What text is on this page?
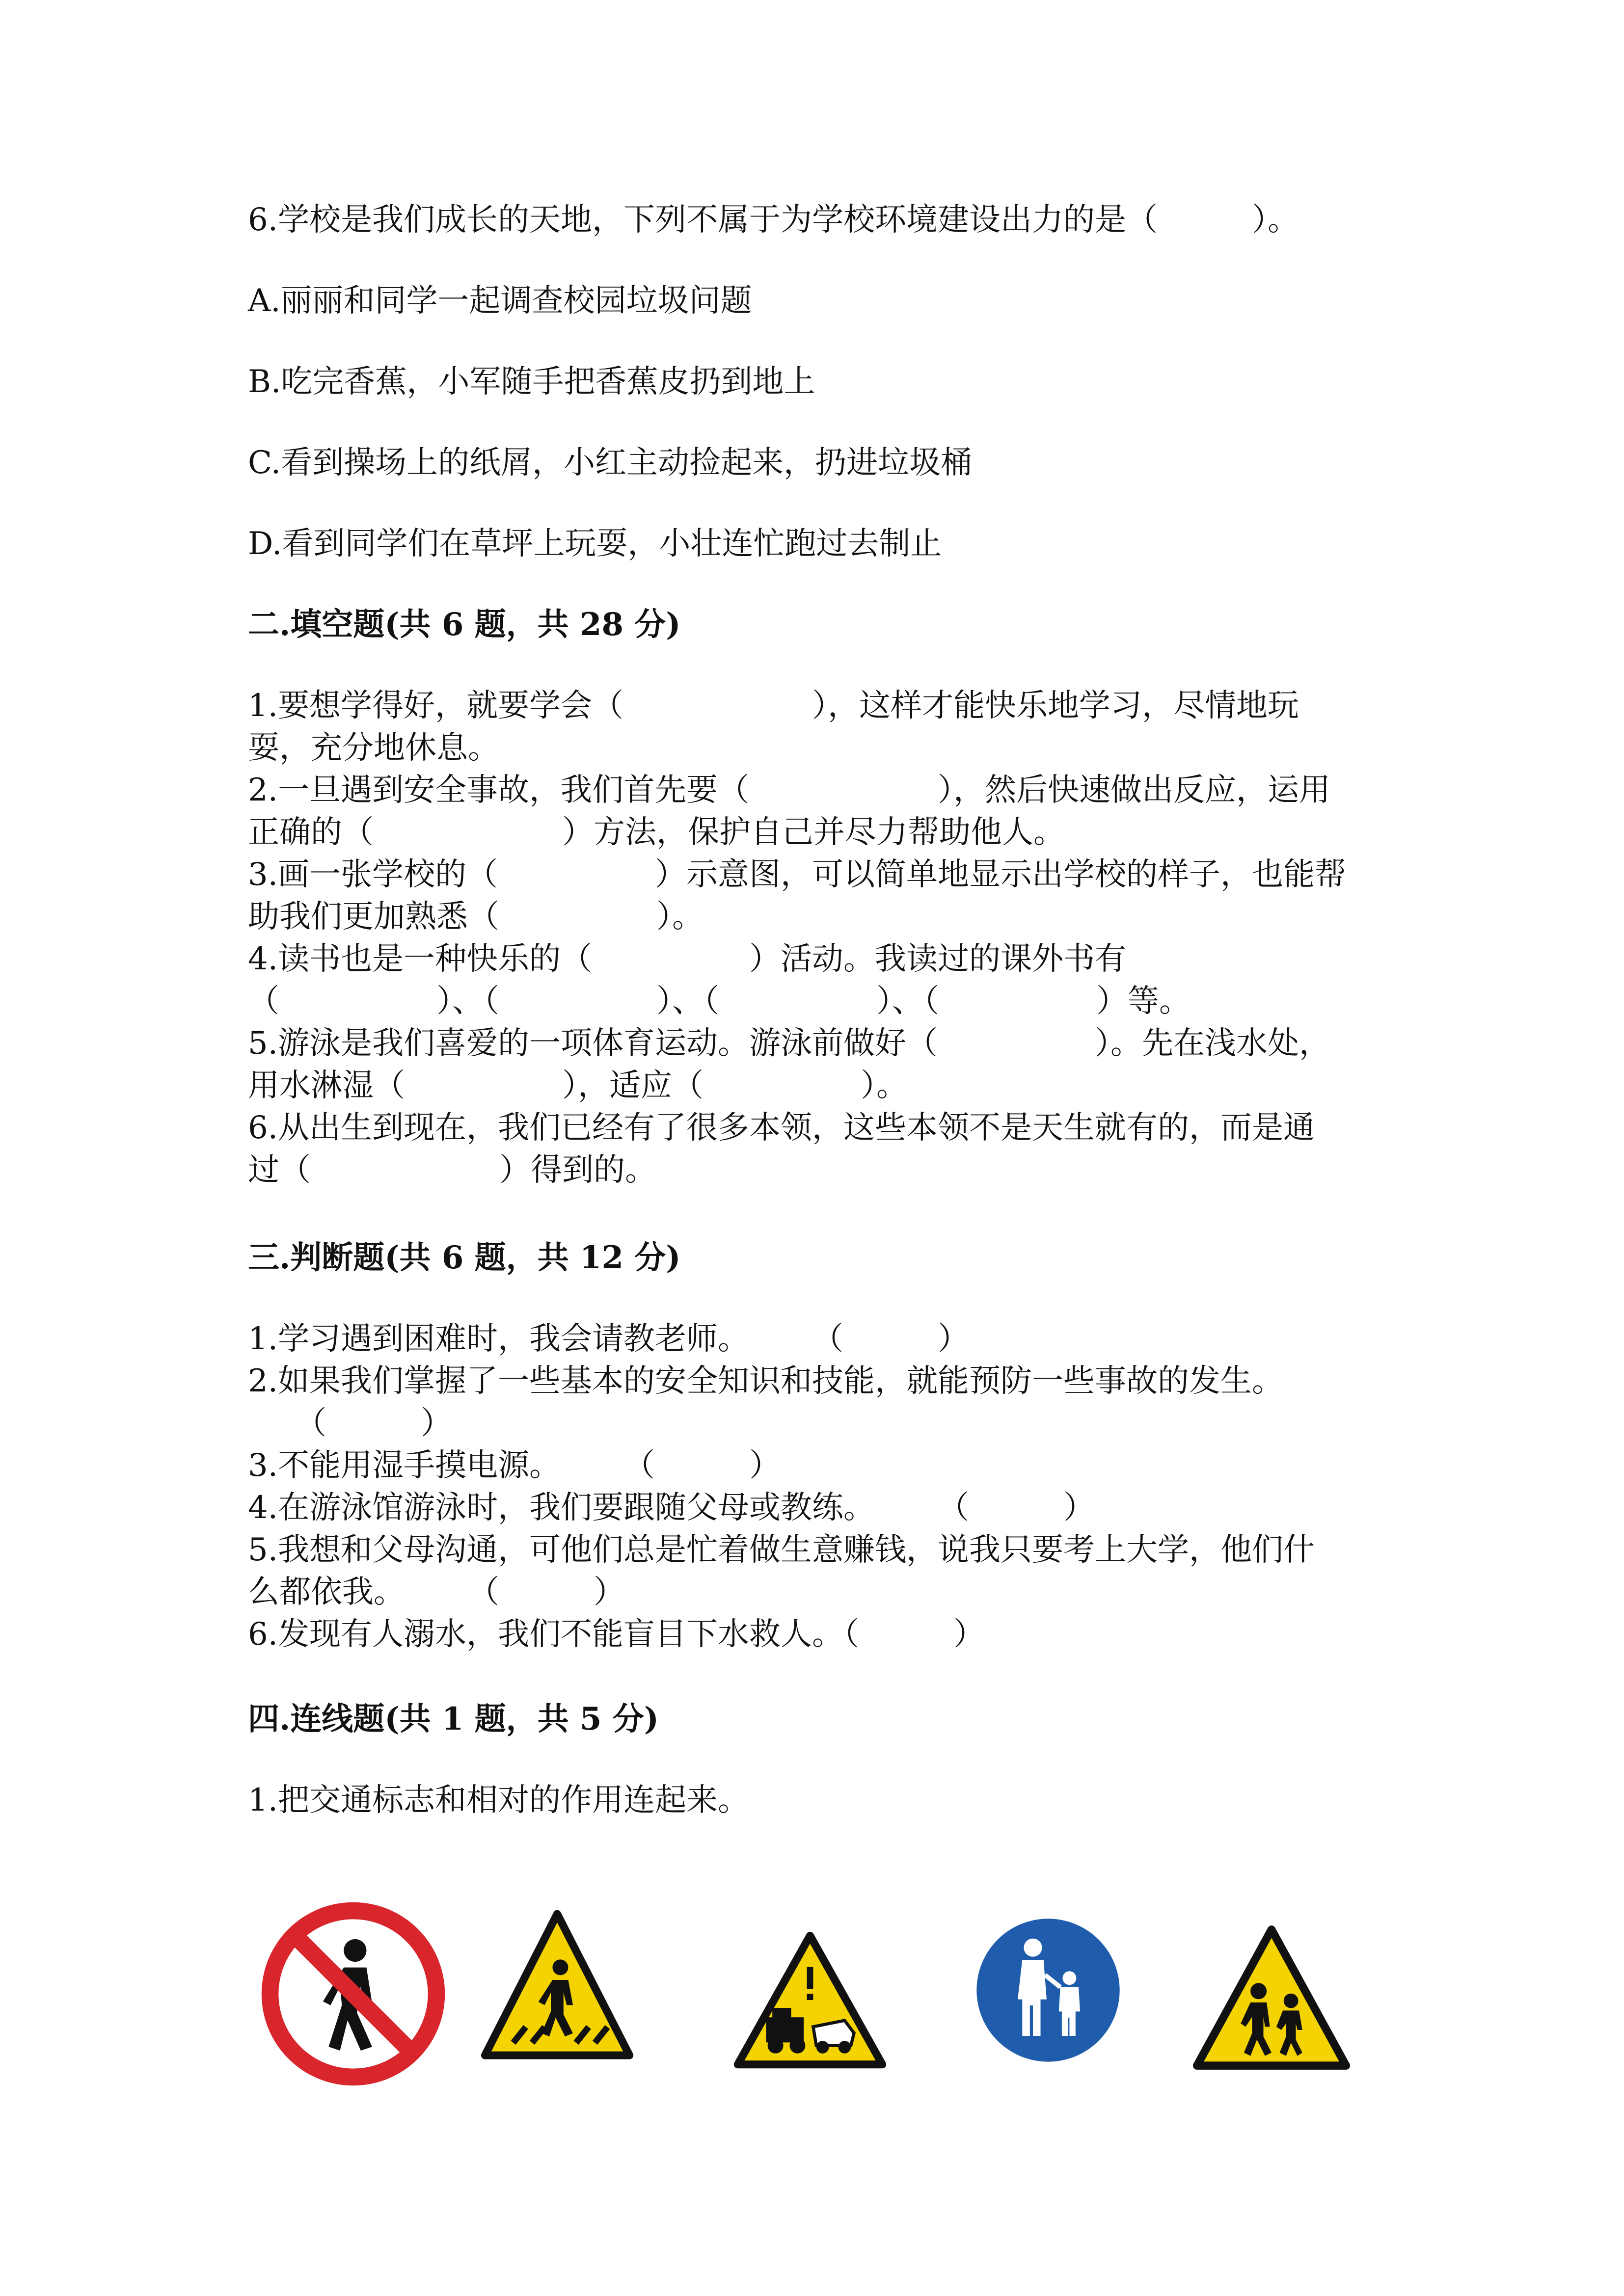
6.学校是我们成长的天地，下列不属于为学校环境建设出力的是（　　　）。
A.丽丽和同学一起调查校园垃圾问题
B.吃完香蕉，小军随手把香蕉皮扔到地上
C.看到操场上的纸屑，小红主动捡起来，扔进垃圾桶
D.看到同学们在草坪上玩耍，小壮连忙跑过去制止
二.填空题(共 6 题，共 28 分)
1.要想学得好，就要学会（　　　　　　），这样才能快乐地学习，尽情地玩
耍，充分地休息。
2.一旦遇到安全事故，我们首先要（　　　　　　），然后快速做出反应，运用
正确的（　　　　　　）方法，保护自己并尽力帮助他人。
3.画一张学校的（　　　　　）示意图，可以简单地显示出学校的样子，也能帮
助我们更加熟悉（　　　　　）。
4.读书也是一种快乐的（　　　　　）活动。我读过的课外书有
（　　　　　）、（　　　　　）、（　　　　　）、（　　　　　）等。
5.游泳是我们喜爱的一项体育运动。游泳前做好（　　　　　）。先在浅水处，
用水淋湿（　　　　　），适应（　　　　　）。
6.从出生到现在，我们已经有了很多本领，这些本领不是天生就有的，而是通
过（　　　　　　）得到的。
三.判断题(共 6 题，共 12 分)
1.学习遇到困难时，我会请教老师。　　　（　　　）
2.如果我们掌握了一些基本的安全知识和技能，就能预防一些事故的发生。
　　（　　　）
3.不能用湿手摸电源。　　　（　　　）
4.在游泳馆游泳时，我们要跟随父母或教练。　　　（　　　）
5.我想和父母沟通，可他们总是忙着做生意赚钱，说我只要考上大学，他们什
么都依我。　　　（　　　）
6.发现有人溺水，我们不能盲目下水救人。（　　　）
四.连线题(共 1 题，共 5 分)
1.把交通标志和相对的作用连起来。
